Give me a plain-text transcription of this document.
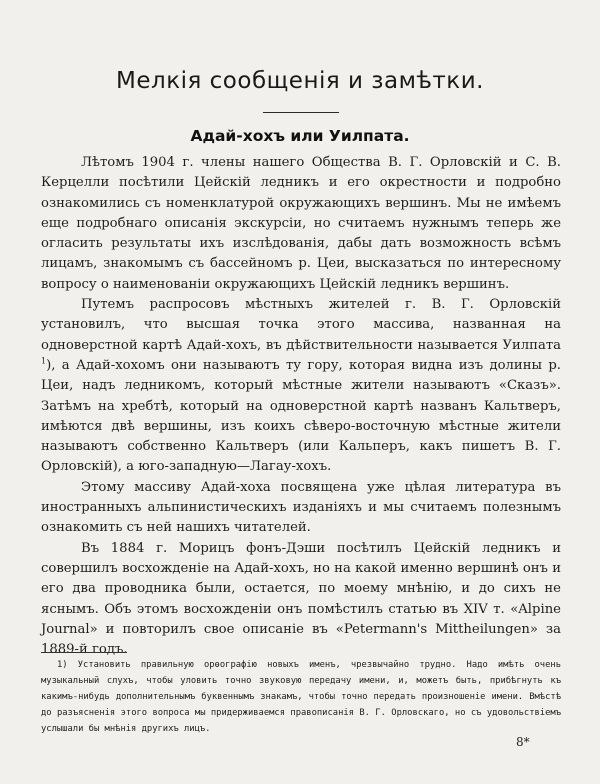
Мелкія сообщенія и замѣтки.
Адай-хохъ или Уилпата.

Лѣтомъ 1904 г. члены нашего Общества В. Г. Орловскій и С. В. Керцелли посѣтили Цейскій ледникъ и его окрестности и подробно ознакомились съ номенклатурой окружающихъ вершинъ. Мы не имѣемъ еще подробнаго описанія экскурсіи, но считаемъ нужнымъ теперь же огласить результаты ихъ изслѣдованія, дабы дать возможность всѣмъ лицамъ, знакомымъ съ бассейномъ р. Цеи, высказаться по интересному вопросу о наименованіи окружающихъ Цейскій ледникъ вершинъ.

Путемъ распросовъ мѣстныхъ жителей г. В. Г. Орловскій установилъ, что высшая точка этого массива, названная на одноверстной картѣ Адай-хохъ, въ дѣйствительности называется Уилпата $^1$), а Адай-хохомъ они называютъ ту гору, которая видна изъ долины р. Цеи, надъ ледникомъ, который мѣстные жители называютъ «Сказъ». Затѣмъ на хребтѣ, который на одноверстной картѣ названъ Кальтверъ, имѣются двѣ вершины, изъ коихъ сѣверо-восточную мѣстные жители называютъ собственно Кальтверъ (или Кальперъ, какъ пишетъ В. Г. Орловскій), а юго-западную—Лагау-хохъ.

Этому массиву Адай-хоха посвящена уже цѣлая литература въ иностранныхъ альпинистическихъ изданіяхъ и мы считаемъ полезнымъ ознакомить съ ней нашихъ читателей.

Въ 1884 г. Морицъ фонъ-Дэши посѣтилъ Цейскій ледникъ и совершилъ восхожденіе на Адай-хохъ, но на какой именно вершинѣ онъ и его два проводника были, остается, по моему мнѣнію, и до сихъ не яснымъ. Объ этомъ восхожденіи онъ помѣстилъ статью въ XIV т. «Alpine Journal» и повторилъ свое описаніе въ «Petermann's Mittheilungen» за 1889-й годъ.

1) Установить правильную орѳографію новыхъ именъ, чрезвычайно трудно. Надо имѣть очень музыкальный слухъ, чтобы уловить точно звуковую передачу имени, и, можетъ быть, прибѣгнуть къ какимъ-нибудь дополнительнымъ буквеннымъ знакамъ, чтобы точно передать произношеніе имени. Вмѣстѣ до разъясненія этого вопроса мы придерживаемся правописанія В. Г. Орловскаго, но съ удовольствіемъ услышали бы мнѣнія другихъ лицъ.

8*
